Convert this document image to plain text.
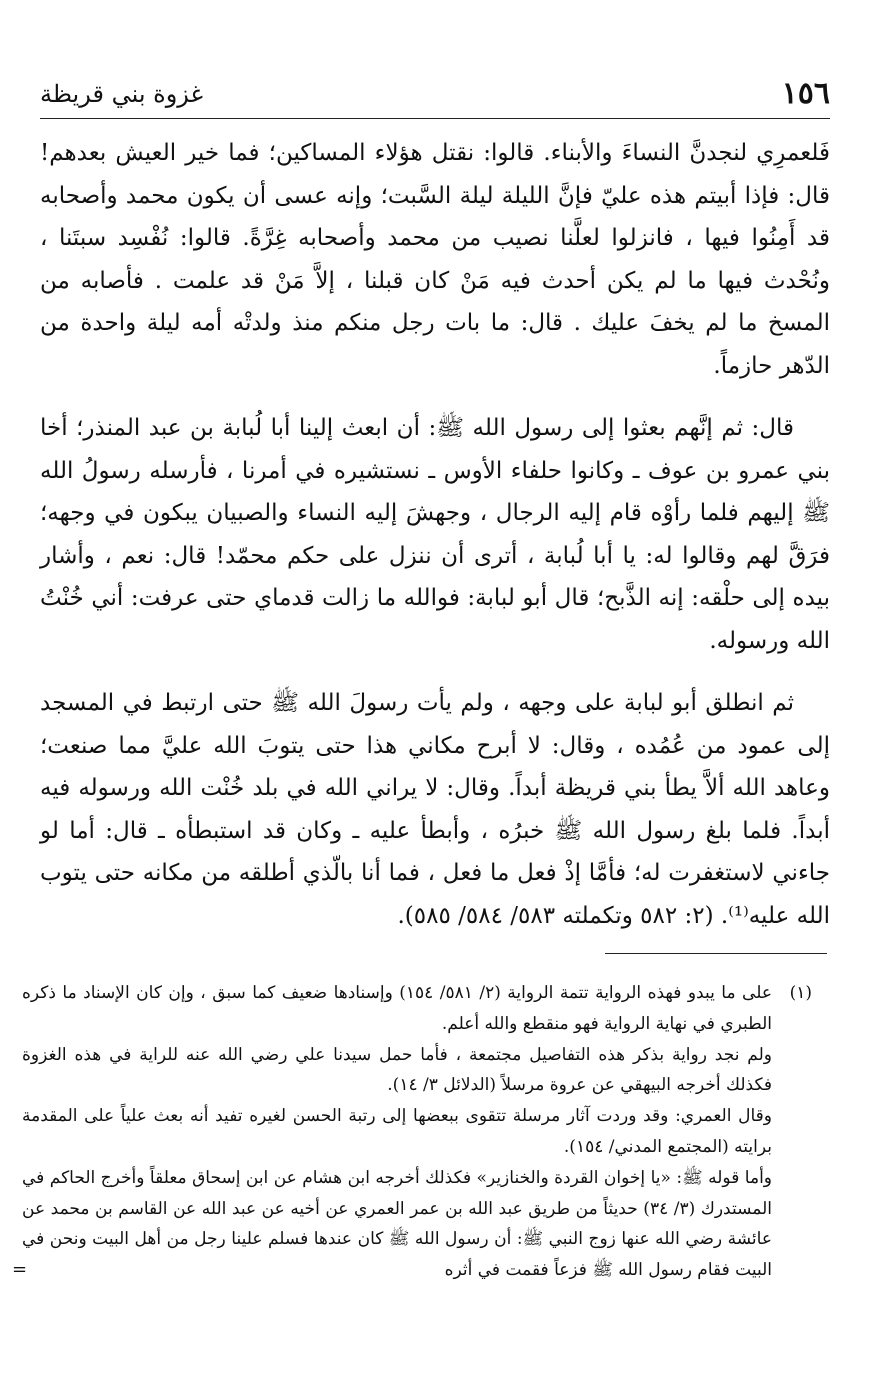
١٥٦
غزوة بني قريظة

فَلعمرِي لنجدنَّ النساءَ والأبناء. قالوا: نقتل هؤلاء المساكين؛ فما خير العيش بعدهم! قال: فإذا أبيتم هذه عليّ فإنَّ الليلة ليلة السَّبت؛ وإنه عسى أن يكون محمد وأصحابه قد أَمِنُوا فيها ، فانزلوا لعلَّنا نصيب من محمد وأصحابه غِرَّةً. قالوا: نُفْسِد سبتَنا ، ونُحْدث فيها ما لم يكن أحدث فيه مَنْ كان قبلنا ، إلاَّ مَنْ قد علمت . فأصابه من المسخ ما لم يخفَ عليك . قال: ما بات رجل منكم منذ ولدتْه أمه ليلة واحدة من الدّهر حازماً.

قال: ثم إنَّهم بعثوا إلى رسول الله ﷺ: أن ابعث إلينا أبا لُبابة بن عبد المنذر؛ أخا بني عمرو بن عوف ـ وكانوا حلفاء الأوس ـ نستشيره في أمرنا ، فأرسله رسولُ الله ﷺ إليهم فلما رأوْه قام إليه الرجال ، وجهشَ إليه النساء والصبيان يبكون في وجهه؛ فرَقَّ لهم وقالوا له: يا أبا لُبابة ، أترى أن ننزل على حكم محمّد! قال: نعم ، وأشار بيده إلى حلْقه: إنه الذَّبح؛ قال أبو لبابة: فوالله ما زالت قدماي حتى عرفت: أني خُنْتُ الله ورسوله.

ثم انطلق أبو لبابة على وجهه ، ولم يأت رسولَ الله ﷺ حتى ارتبط في المسجد إلى عمود من عُمُده ، وقال: لا أبرح مكاني هذا حتى يتوبَ الله عليَّ مما صنعت؛ وعاهد الله ألاَّ يطأ بني قريظة أبداً. وقال: لا يراني الله في بلد خُنْت الله ورسوله فيه أبداً. فلما بلغ رسول الله ﷺ خبرُه ، وأبطأ عليه ـ وكان قد استبطأه ـ قال: أما لو جاءني لاستغفرت له؛ فأمَّا إذْ فعل ما فعل ، فما أنا بالّذي أطلقه من مكانه حتى يتوب الله عليه⁽¹⁾. (٢: ٥٨٢ وتكملته ٥٨٣/ ٥٨٤/ ٥٨٥).

(١)

على ما يبدو فهذه الرواية تتمة الرواية (٢/ ٥٨١/ ١٥٤) وإسنادها ضعيف كما سبق ، وإن كان الإسناد ما ذكره الطبري في نهاية الرواية فهو منقطع والله أعلم.

ولم نجد رواية بذكر هذه التفاصيل مجتمعة ، فأما حمل سيدنا علي رضي الله عنه للراية في هذه الغزوة فكذلك أخرجه البيهقي عن عروة مرسلاً (الدلائل ٣/ ١٤).

وقال العمري: وقد وردت آثار مرسلة تتقوى ببعضها إلى رتبة الحسن لغيره تفيد أنه بعث علياً على المقدمة برايته (المجتمع المدني/ ١٥٤).

وأما قوله ﷺ: «يا إخوان القردة والخنازير» فكذلك أخرجه ابن هشام عن ابن إسحاق معلقاً وأخرج الحاكم في المستدرك (٣/ ٣٤) حديثاً من طريق عبد الله بن عمر العمري عن أخيه عن عبد الله عن القاسم بن محمد عن عائشة رضي الله عنها زوج النبي ﷺ: أن رسول الله ﷺ كان عندها فسلم علينا رجل من أهل البيت ونحن في البيت فقام رسول الله ﷺ فزعاً فقمت في أثره

=
